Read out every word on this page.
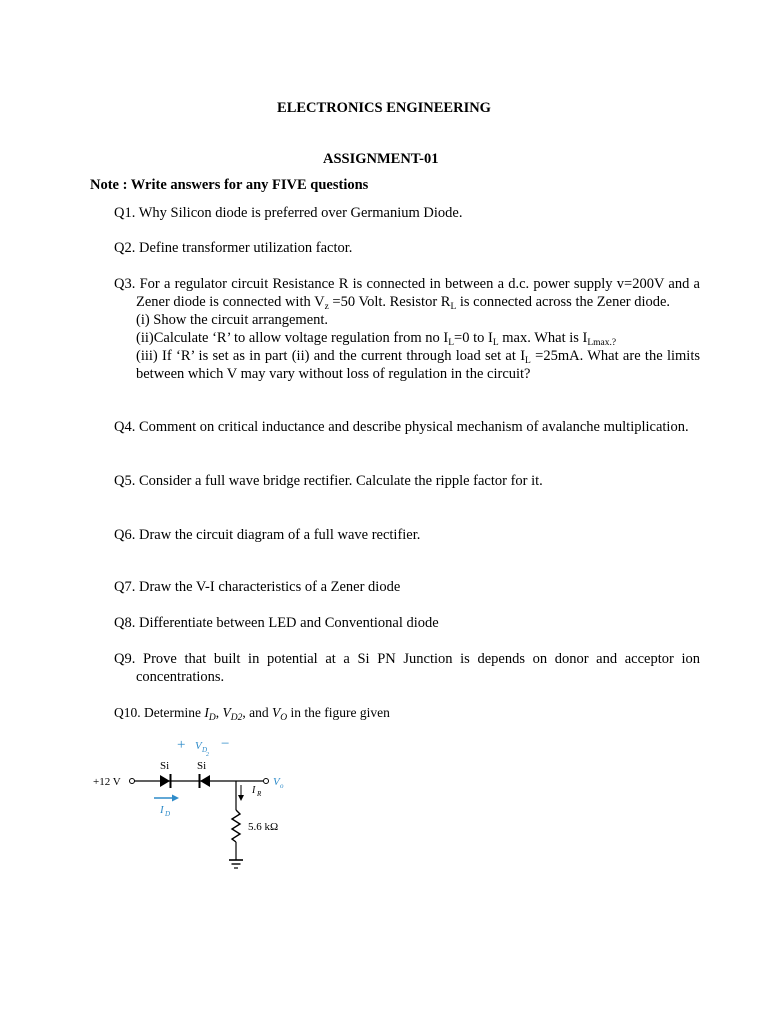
ELECTRONICS ENGINEERING

ASSIGNMENT-01

Note : Write answers for any FIVE questions

Q1. Why Silicon diode is preferred over Germanium Diode.

Q2. Define transformer utilization factor.

Q3. For a regulator circuit Resistance R is connected in between a d.c. power supply v=200V and a Zener diode is connected with $V_z =50$ Volt. Resistor $R_L$ is connected across the Zener diode.
(i) Show the circuit arrangement.
(ii)Calculate ‘R’ to allow voltage regulation from no $I_L=0$ to $I_L$ max. What is $I_{Lmax.?}$
(iii) If ‘R’ is set as in part (ii) and the current through load set at $I_L =25mA$. What are the limits between which V may vary without loss of regulation in the circuit?

Q4. Comment on critical inductance and describe physical mechanism of avalanche multiplication.

Q5. Consider a full wave bridge rectifier. Calculate the ripple factor for it.

Q6. Draw the circuit diagram of a full wave rectifier.

Q7. Draw the V-I characteristics of a Zener diode

Q8. Differentiate between LED and Conventional diode

Q9. Prove that built in potential at a Si PN Junction is depends on donor and acceptor ion concentrations.

Q10. Determine $I_D$, $V_{D2}$, and $V_O$ in the figure given

+ V D
2
−
Si	Si
+12 V
I D
I R
V o
5.6 kΩ
